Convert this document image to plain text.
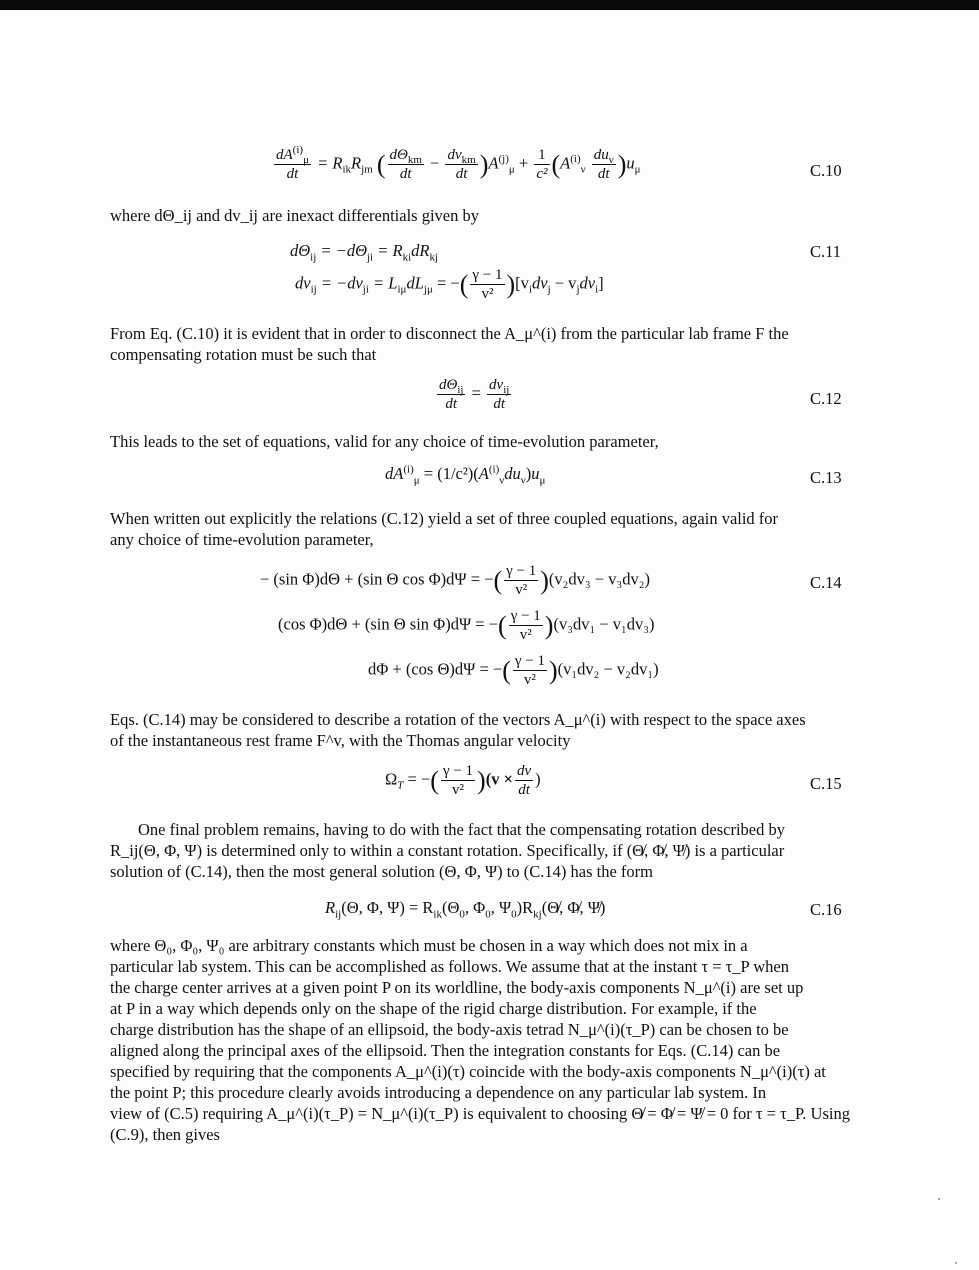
$\frac{dA^{(i)}_\mu}{dt} = R_{ik}R_{jm}$ ( $\frac{d\Theta_{km}}{dt} - \frac{dv_{km}}{dt} )A^{(j)}_\mu + \frac{1}{\text{c²}} (A^{(i)}_\nu \frac{du_\nu}{dt} )u_\mu$	C.10
where dΘ_ij and dv_ij are inexact differentials given by
$d\Theta_{ij} = -d\Theta_{ji} = R_{ki}dR_{kj}$	C.11
$dv_{ij} = -dv_{ji} = L_{i\mu}dL_{j\mu}$ = −( $\frac{\gamma - 1}{\text{v²}} )[v_idv_j - v_jdv_i]$
From Eq. (C.10) it is evident that in order to disconnect the A_μ^(i) from the particular lab frame F the
compensating rotation must be such that
$\frac{d\Theta_{ij}}{dt} = \frac{dv_{ij}}{dt}$	C.12
This leads to the set of equations, valid for any choice of time-evolution parameter,
$dA^{(i)}_\mu = (1/c^2)(A^{(i)}_\nu du_\nu)u_\mu$	C.13
When written out explicitly the relations (C.12) yield a set of three coupled equations, again valid for
any choice of time-evolution parameter,
− (sin Φ)dΘ + (sin Θ cos Φ)dΨ = −( $\frac{\gamma - 1}{\text{v²}} )(v_2dv_3 - v_3dv_2)$	C.14
(cos Φ)dΘ + (sin Θ sin Φ)dΨ = −( $\frac{\gamma - 1}{\text{v²}} )(v_3dv_1 - v_1dv_3)$
dΦ + (cos Θ)dΨ = −( $\frac{\gamma - 1}{\text{v²}} )(v_1dv_2 - v_2dv_1)$
Eqs. (C.14) may be considered to describe a rotation of the vectors A_μ^(i) with respect to the space axes
of the instantaneous rest frame F^v, with the Thomas angular velocity
$\Omega_T$ = −( $\frac{\gamma - 1}{\text{v²}} )(v \times \frac{dv}{dt}$ )	C.15
One final problem remains, having to do with the fact that the compensating rotation described by
R_ij(Θ, Φ, Ψ) is determined only to within a constant rotation. Specifically, if (Θ̸, Φ̸, Ψ̸) is a particular
solution of (C.14), then the most general solution (Θ, Φ, Ψ) to (C.14) has the form
$R_{ij}(\Theta$, Φ, $\Psi) = R_{ik}(\Theta_0$, $\Phi_0$, $\Psi_0)R_{kj}(\Theta̸$, Φ̸, Ψ̸)	C.16
where Θ₀, Φ₀, Ψ₀ are arbitrary constants which must be chosen in a way which does not mix in a
particular lab system. This can be accomplished as follows. We assume that at the instant τ = τ_P when
the charge center arrives at a given point P on its worldline, the body-axis components N_μ^(i) are set up
at P in a way which depends only on the shape of the rigid charge distribution. For example, if the
charge distribution has the shape of an ellipsoid, the body-axis tetrad N_μ^(i)(τ_P) can be chosen to be
aligned along the principal axes of the ellipsoid. Then the integration constants for Eqs. (C.14) can be
specified by requiring that the components A_μ^(i)(τ) coincide with the body-axis components N_μ^(i)(τ) at
the point P; this procedure clearly avoids introducing a dependence on any particular lab system. In
view of (C.5) requiring A_μ^(i)(τ_P) = N_μ^(i)(τ_P) is equivalent to choosing Θ̸ = Φ̸ = Ψ̸ = 0 for τ = τ_P. Using
(C.9), then gives
